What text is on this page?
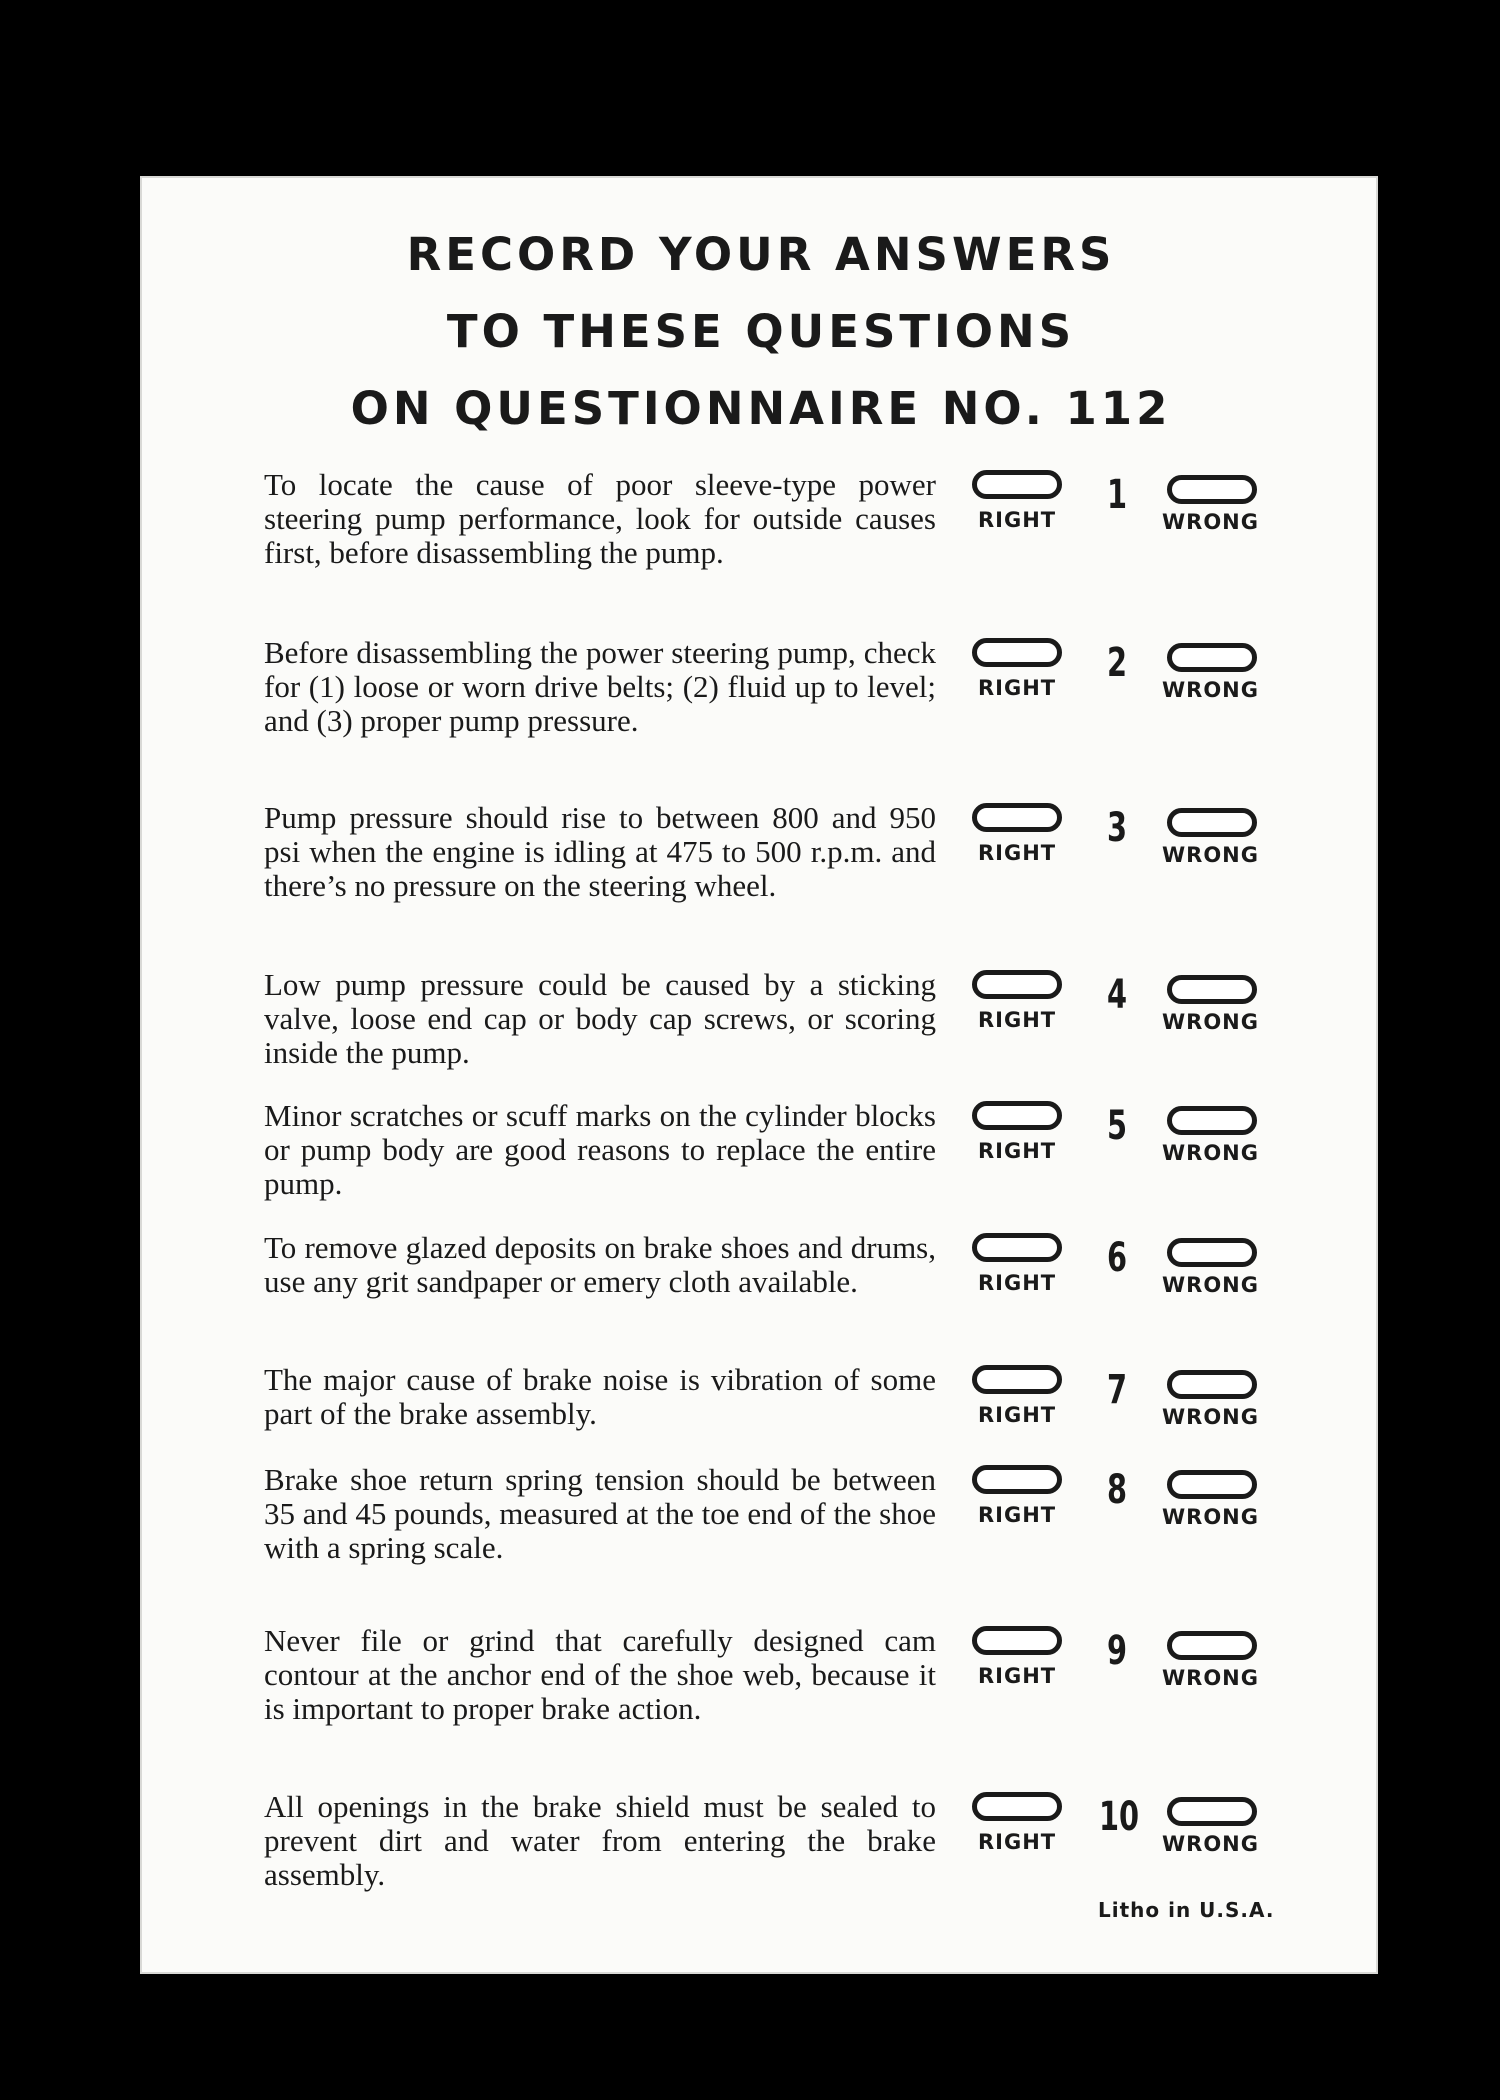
RECORD YOUR ANSWERS
TO THESE QUESTIONS
ON QUESTIONNAIRE NO. 112

To locate the cause of poor sleeve-type power steering pump performance, look for outside causes first, before disassembling the pump.

RIGHT
1
WRONG

Before disassembling the power steering pump, check for (1) loose or worn drive belts; (2) fluid up to level; and (3) proper pump pressure.

RIGHT
2
WRONG

Pump pressure should rise to between 800 and 950 psi when the engine is idling at 475 to 500 r.p.m. and there’s no pressure on the steering wheel.

RIGHT
3
WRONG

Low pump pressure could be caused by a sticking valve, loose end cap or body cap screws, or scoring inside the pump.

RIGHT
4
WRONG

Minor scratches or scuff marks on the cylinder blocks or pump body are good reasons to replace the entire pump.

RIGHT
5
WRONG

To remove glazed deposits on brake shoes and drums, use any grit sandpaper or emery cloth available.	RIGHT
6
WRONG

The major cause of brake noise is vibration of some part of the brake assembly.	RIGHT
7
WRONG

Brake shoe return spring tension should be between 35 and 45 pounds, measured at the toe end of the shoe with a spring scale.

RIGHT
8
WRONG

Never file or grind that carefully designed cam contour at the anchor end of the shoe web, because it is important to proper brake action.

RIGHT
9
WRONG

All openings in the brake shield must be sealed to prevent dirt and water from entering the brake assembly.

RIGHT
10
WRONG
Litho in U.S.A.
